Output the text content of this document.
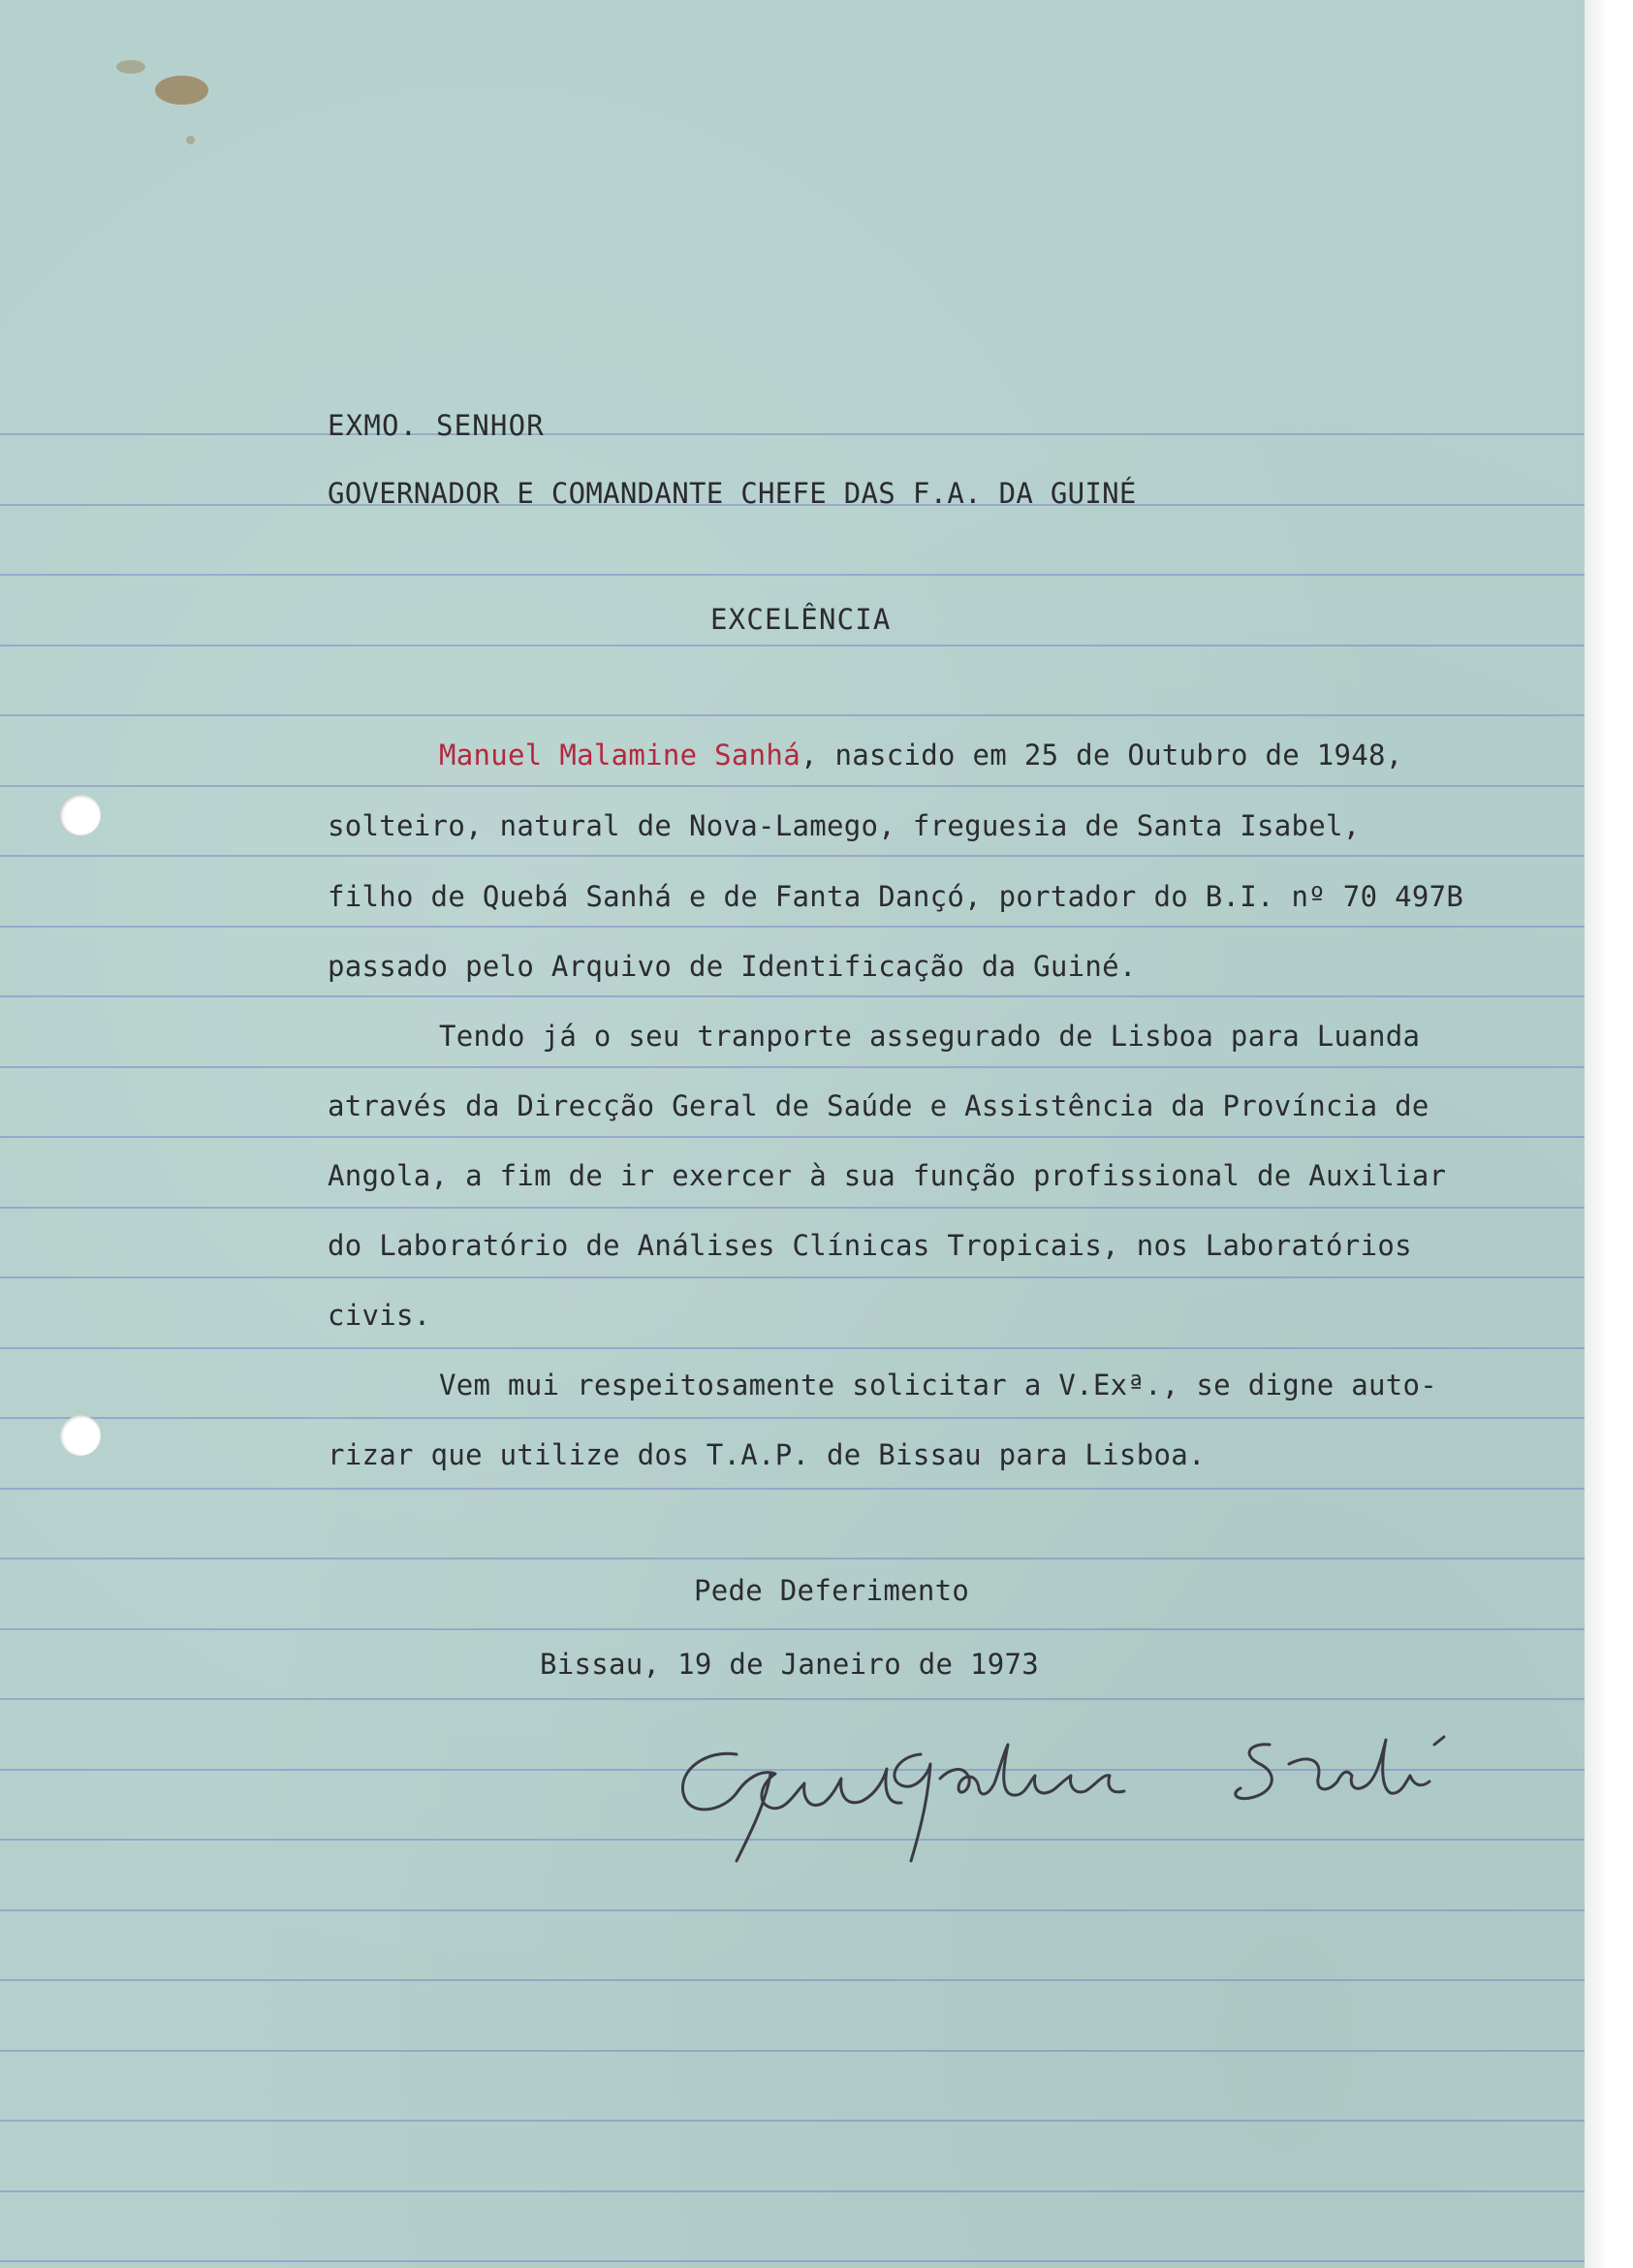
EXMO. SENHOR
GOVERNADOR E COMANDANTE CHEFE DAS F.A. DA GUINÉ
EXCELÊNCIA
Manuel Malamine Sanhá, nascido em 25 de Outubro de 1948,
solteiro, natural de Nova-Lamego, freguesia de Santa Isabel,
filho de Quebá Sanhá e de Fanta Dançó, portador do B.I. nº 70 497B
passado pelo Arquivo de Identificação da Guiné.
Tendo já o seu tranporte assegurado de Lisboa para Luanda
através da Direcção Geral de Saúde e Assistência da Província de
Angola, a fim de ir exercer à sua função profissional de Auxiliar
do Laboratório de Análises Clínicas Tropicais, nos Laboratórios
civis.
Vem mui respeitosamente solicitar a V.Exª., se digne auto-
rizar que utilize dos T.A.P. de Bissau para Lisboa.
Pede Deferimento
Bissau, 19 de Janeiro de 1973
Manuel Malamine Sanhá
